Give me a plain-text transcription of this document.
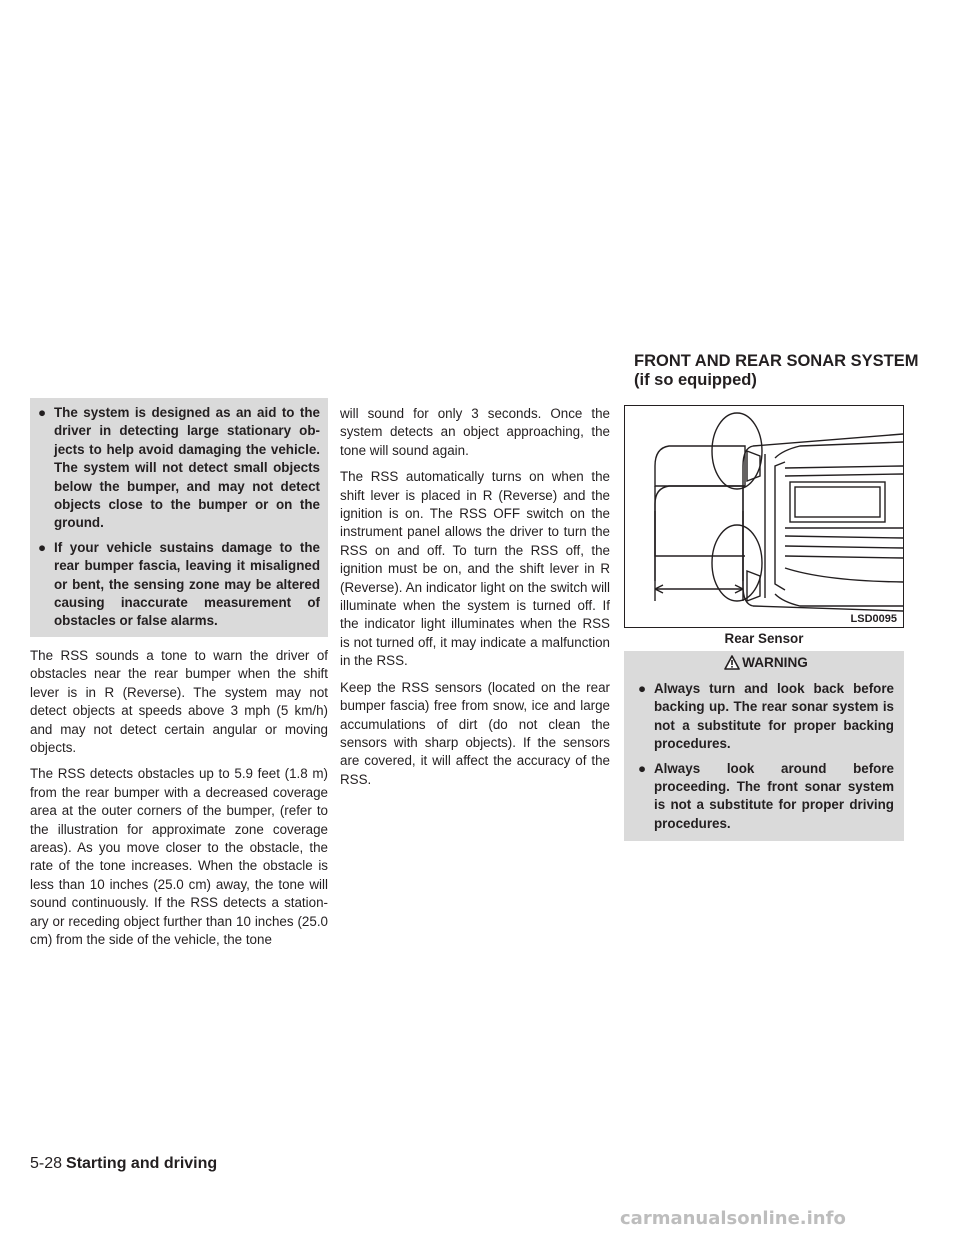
● The system is designed as an aid to the driver in detecting large stationary objects to help avoid damaging the vehicle. The system will not detect small objects below the bumper, and may not detect objects close to the bumper or on the ground.
● If your vehicle sustains damage to the rear bumper fascia, leaving it misaligned or bent, the sensing zone may be altered causing inaccurate measurement of obstacles or false alarms.

The RSS sounds a tone to warn the driver of obstacles near the rear bumper when the shift lever is in R (Reverse). The system may not detect objects at speeds above 3 mph (5 km/h) and may not detect certain angular or moving objects.

The RSS detects obstacles up to 5.9 feet (1.8 m) from the rear bumper with a decreased coverage area at the outer corners of the bumper, (refer to the illustration for approximate zone coverage areas). As you move closer to the obstacle, the rate of the tone increases. When the obstacle is less than 10 inches (25.0 cm) away, the tone will sound continuously. If the RSS detects a stationary or receding object further than 10 inches (25.0 cm) from the side of the vehicle, the tone

will sound for only 3 seconds. Once the system detects an object approaching, the tone will sound again.

The RSS automatically turns on when the shift lever is placed in R (Reverse) and the ignition is on. The RSS OFF switch on the instrument panel allows the driver to turn the RSS on and off. To turn the RSS off, the ignition must be on, and the shift lever in R (Reverse). An indicator light on the switch will illuminate when the system is turned off. If the indicator light illuminates when the RSS is not turned off, it may indicate a malfunction in the RSS.

Keep the RSS sensors (located on the rear bumper fascia) free from snow, ice and large accumulations of dirt (do not clean the sensors with sharp objects). If the sensors are covered, it will affect the accuracy of the RSS.

FRONT AND REAR SONAR SYSTEM
(if so equipped)
LSD0095
Rear Sensor
WARNING
● Always turn and look back before backing up. The rear sonar system is not a substitute for proper backing procedures.
● Always look around before proceeding. The front sonar system is not a substitute for proper driving procedures.
5-28 Starting and driving
carmanualsonline.info
